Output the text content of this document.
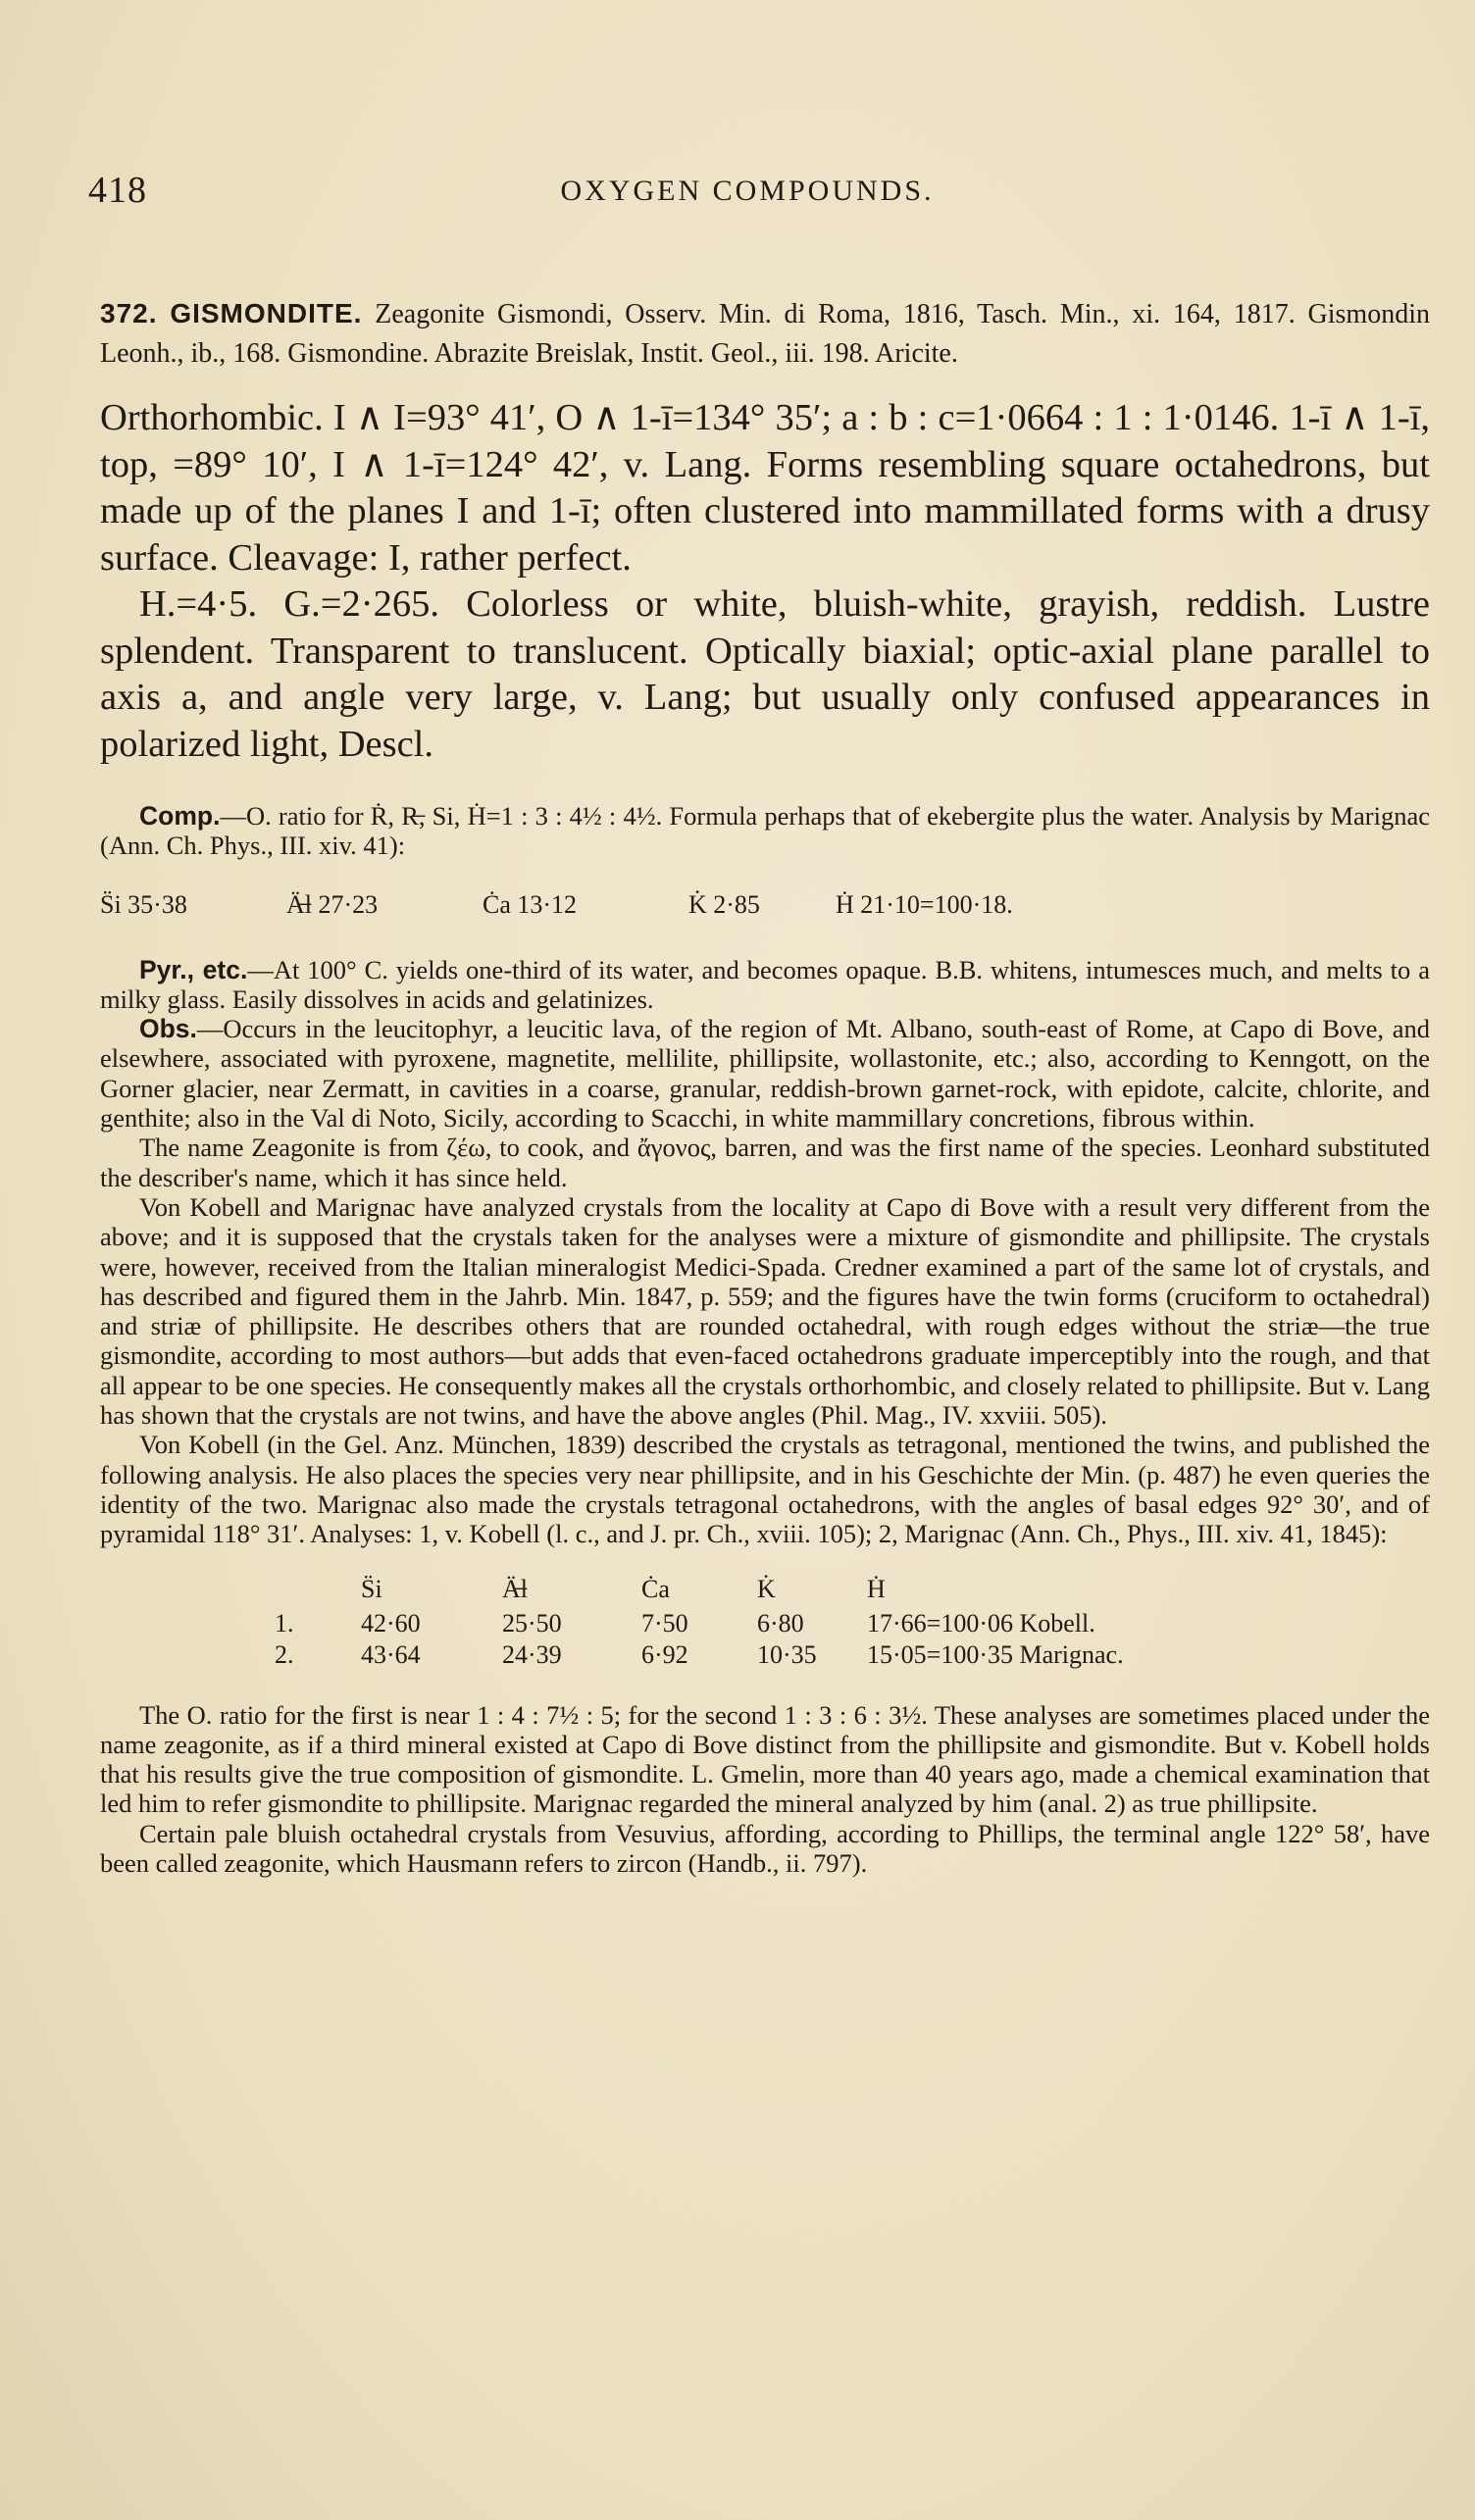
418	OXYGEN COMPOUNDS.

372. GISMONDITE. Zeagonite Gismondi, Osserv. Min. di Roma, 1816, Tasch. Min., xi. 164, 1817. Gismondin Leonh., ib., 168. Gismondine. Abrazite Breislak, Instit. Geol., iii. 198. Aricite.

Orthorhombic. I ∧ I=93° 41′, O ∧ 1-ī=134° 35′; a : b : c=1·0664 : 1 : 1·0146. 1-ī ∧ 1-ī, top, =89° 10′, I ∧ 1-ī=124° 42′, v. Lang. Forms resembling square octahedrons, but made up of the planes I and 1-ī; often clustered into mammillated forms with a drusy surface. Cleavage: I, rather perfect.

H.=4·5. G.=2·265. Colorless or white, bluish-white, grayish, reddish. Lustre splendent. Transparent to translucent. Optically biaxial; optic-axial plane parallel to axis a, and angle very large, v. Lang; but usually only confused appearances in polarized light, Descl.

Comp.—O. ratio for Ṙ, R̶, Si, Ḣ=1 : 3 : 4½ : 4½. Formula perhaps that of ekebergite plus the water. Analysis by Marignac (Ann. Ch. Phys., III. xiv. 41):

S̈i 35·38	Ä̶l 27·23	Ċa 13·12	K̇ 2·85	Ḣ 21·10=100·18.

Pyr., etc.—At 100° C. yields one-third of its water, and becomes opaque. B.B. whitens, intumesces much, and melts to a milky glass. Easily dissolves in acids and gelatinizes.

Obs.—Occurs in the leucitophyr, a leucitic lava, of the region of Mt. Albano, south-east of Rome, at Capo di Bove, and elsewhere, associated with pyroxene, magnetite, mellilite, phillipsite, wollastonite, etc.; also, according to Kenngott, on the Gorner glacier, near Zermatt, in cavities in a coarse, granular, reddish-brown garnet-rock, with epidote, calcite, chlorite, and genthite; also in the Val di Noto, Sicily, according to Scacchi, in white mammillary concretions, fibrous within.

The name Zeagonite is from ζέω, to cook, and ἄγονος, barren, and was the first name of the species. Leonhard substituted the describer's name, which it has since held.

Von Kobell and Marignac have analyzed crystals from the locality at Capo di Bove with a result very different from the above; and it is supposed that the crystals taken for the analyses were a mixture of gismondite and phillipsite. The crystals were, however, received from the Italian mineralogist Medici-Spada. Credner examined a part of the same lot of crystals, and has described and figured them in the Jahrb. Min. 1847, p. 559; and the figures have the twin forms (cruciform to octahedral) and striæ of phillipsite. He describes others that are rounded octahedral, with rough edges without the striæ—the true gismondite, according to most authors—but adds that even-faced octahedrons graduate imperceptibly into the rough, and that all appear to be one species. He consequently makes all the crystals orthorhombic, and closely related to phillipsite. But v. Lang has shown that the crystals are not twins, and have the above angles (Phil. Mag., IV. xxviii. 505).

Von Kobell (in the Gel. Anz. München, 1839) described the crystals as tetragonal, mentioned the twins, and published the following analysis. He also places the species very near phillipsite, and in his Geschichte der Min. (p. 487) he even queries the identity of the two. Marignac also made the crystals tetragonal octahedrons, with the angles of basal edges 92° 30′, and of pyramidal 118° 31′. Analyses: 1, v. Kobell (l. c., and J. pr. Ch., xviii. 105); 2, Marignac (Ann. Ch., Phys., III. xiv. 41, 1845):

	S̈i	Ä̶l	Ċa	K̇	Ḣ
1.	42·60	25·50	7·50	6·80	17·66=100·06 Kobell.
2.	43·64	24·39	6·92	10·35	15·05=100·35 Marignac.

The O. ratio for the first is near 1 : 4 : 7½ : 5; for the second 1 : 3 : 6 : 3½. These analyses are sometimes placed under the name zeagonite, as if a third mineral existed at Capo di Bove distinct from the phillipsite and gismondite. But v. Kobell holds that his results give the true composition of gismondite. L. Gmelin, more than 40 years ago, made a chemical examination that led him to refer gismondite to phillipsite. Marignac regarded the mineral analyzed by him (anal. 2) as true phillipsite.

Certain pale bluish octahedral crystals from Vesuvius, affording, according to Phillips, the terminal angle 122° 58′, have been called zeagonite, which Hausmann refers to zircon (Handb., ii. 797).
